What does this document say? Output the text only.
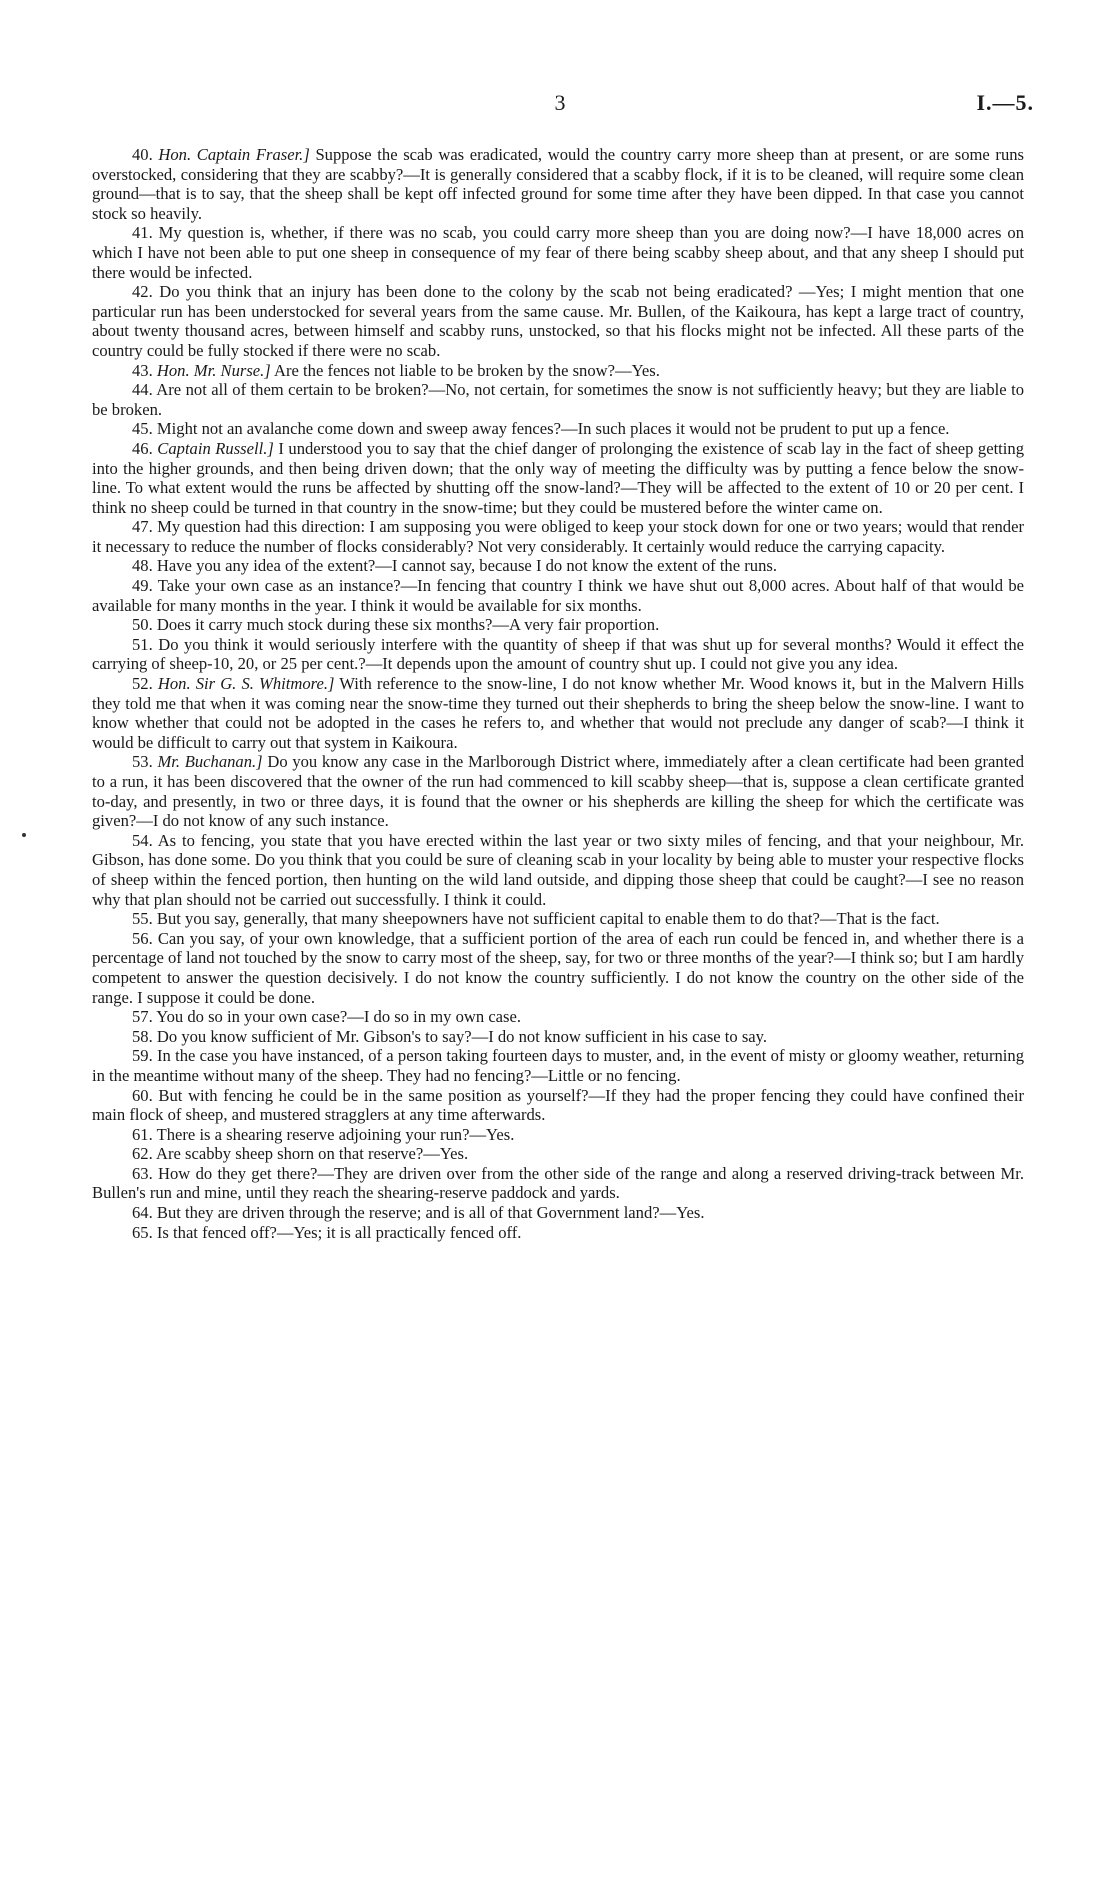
3	I.—5.

40. Hon. Captain Fraser.] Suppose the scab was eradicated, would the country carry more sheep than at present, or are some runs overstocked, considering that they are scabby?—It is generally considered that a scabby flock, if it is to be cleaned, will require some clean ground—that is to say, that the sheep shall be kept off infected ground for some time after they have been dipped. In that case you cannot stock so heavily.

41. My question is, whether, if there was no scab, you could carry more sheep than you are doing now?—I have 18,000 acres on which I have not been able to put one sheep in consequence of my fear of there being scabby sheep about, and that any sheep I should put there would be infected.

42. Do you think that an injury has been done to the colony by the scab not being eradicated? —Yes; I might mention that one particular run has been understocked for several years from the same cause. Mr. Bullen, of the Kaikoura, has kept a large tract of country, about twenty thousand acres, between himself and scabby runs, unstocked, so that his flocks might not be infected. All these parts of the country could be fully stocked if there were no scab.

43. Hon. Mr. Nurse.] Are the fences not liable to be broken by the snow?—Yes.

44. Are not all of them certain to be broken?—No, not certain, for sometimes the snow is not sufficiently heavy; but they are liable to be broken.

45. Might not an avalanche come down and sweep away fences?—In such places it would not be prudent to put up a fence.

46. Captain Russell.] I understood you to say that the chief danger of prolonging the existence of scab lay in the fact of sheep getting into the higher grounds, and then being driven down; that the only way of meeting the difficulty was by putting a fence below the snow-line. To what extent would the runs be affected by shutting off the snow-land?—They will be affected to the extent of 10 or 20 per cent. I think no sheep could be turned in that country in the snow-time; but they could be mustered before the winter came on.

47. My question had this direction: I am supposing you were obliged to keep your stock down for one or two years; would that render it necessary to reduce the number of flocks considerably? Not very considerably. It certainly would reduce the carrying capacity.

48. Have you any idea of the extent?—I cannot say, because I do not know the extent of the runs.

49. Take your own case as an instance?—In fencing that country I think we have shut out 8,000 acres. About half of that would be available for many months in the year. I think it would be available for six months.

50. Does it carry much stock during these six months?—A very fair proportion.

51. Do you think it would seriously interfere with the quantity of sheep if that was shut up for several months? Would it effect the carrying of sheep-10, 20, or 25 per cent.?—It depends upon the amount of country shut up. I could not give you any idea.

52. Hon. Sir G. S. Whitmore.] With reference to the snow-line, I do not know whether Mr. Wood knows it, but in the Malvern Hills they told me that when it was coming near the snow-time they turned out their shepherds to bring the sheep below the snow-line. I want to know whether that could not be adopted in the cases he refers to, and whether that would not preclude any danger of scab?—I think it would be difficult to carry out that system in Kaikoura.

53. Mr. Buchanan.] Do you know any case in the Marlborough District where, immediately after a clean certificate had been granted to a run, it has been discovered that the owner of the run had commenced to kill scabby sheep—that is, suppose a clean certificate granted to-day, and presently, in two or three days, it is found that the owner or his shepherds are killing the sheep for which the certificate was given?—I do not know of any such instance.

54. As to fencing, you state that you have erected within the last year or two sixty miles of fencing, and that your neighbour, Mr. Gibson, has done some. Do you think that you could be sure of cleaning scab in your locality by being able to muster your respective flocks of sheep within the fenced portion, then hunting on the wild land outside, and dipping those sheep that could be caught?—I see no reason why that plan should not be carried out successfully. I think it could.

55. But you say, generally, that many sheepowners have not sufficient capital to enable them to do that?—That is the fact.

56. Can you say, of your own knowledge, that a sufficient portion of the area of each run could be fenced in, and whether there is a percentage of land not touched by the snow to carry most of the sheep, say, for two or three months of the year?—I think so; but I am hardly competent to answer the question decisively. I do not know the country sufficiently. I do not know the country on the other side of the range. I suppose it could be done.

57. You do so in your own case?—I do so in my own case.

58. Do you know sufficient of Mr. Gibson's to say?—I do not know sufficient in his case to say.

59. In the case you have instanced, of a person taking fourteen days to muster, and, in the event of misty or gloomy weather, returning in the meantime without many of the sheep. They had no fencing?—Little or no fencing.

60. But with fencing he could be in the same position as yourself?—If they had the proper fencing they could have confined their main flock of sheep, and mustered stragglers at any time afterwards.

61. There is a shearing reserve adjoining your run?—Yes.

62. Are scabby sheep shorn on that reserve?—Yes.

63. How do they get there?—They are driven over from the other side of the range and along a reserved driving-track between Mr. Bullen's run and mine, until they reach the shearing-reserve paddock and yards.

64. But they are driven through the reserve; and is all of that Government land?—Yes.

65. Is that fenced off?—Yes; it is all practically fenced off.
